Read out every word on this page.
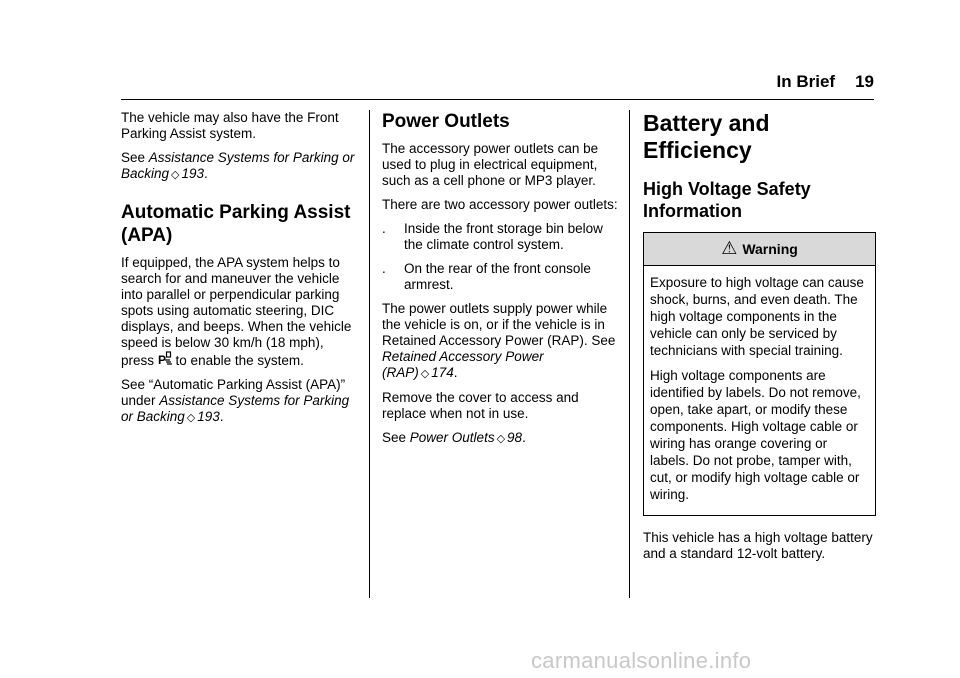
In Brief 19

The vehicle may also have the Front Parking Assist system.

See Assistance Systems for Parking or Backing ◇ 193.

Automatic Parking Assist (APA)

If equipped, the APA system helps to search for and maneuver the vehicle into parallel or perpendicular parking spots using automatic steering, DIC displays, and beeps. When the vehicle speed is below 30 km/h (18 mph), press P to enable the system.

See “Automatic Parking Assist (APA)” under Assistance Systems for Parking or Backing ◇ 193.

Power Outlets

The accessory power outlets can be used to plug in electrical equipment, such as a cell phone or MP3 player.

There are two accessory power outlets:

.	Inside the front storage bin below the climate control system.
.	On the rear of the front console armrest.

The power outlets supply power while the vehicle is on, or if the vehicle is in Retained Accessory Power (RAP). See Retained Accessory Power (RAP) ◇ 174.

Remove the cover to access and replace when not in use.

See Power Outlets ◇ 98.

Battery and Efficiency
High Voltage Safety Information
⚠ Warning

Exposure to high voltage can cause shock, burns, and even death. The high voltage components in the vehicle can only be serviced by technicians with special training.

High voltage components are identified by labels. Do not remove, open, take apart, or modify these components. High voltage cable or wiring has orange covering or labels. Do not probe, tamper with, cut, or modify high voltage cable or wiring.

This vehicle has a high voltage battery and a standard 12-volt battery.

carmanualsonline.info
